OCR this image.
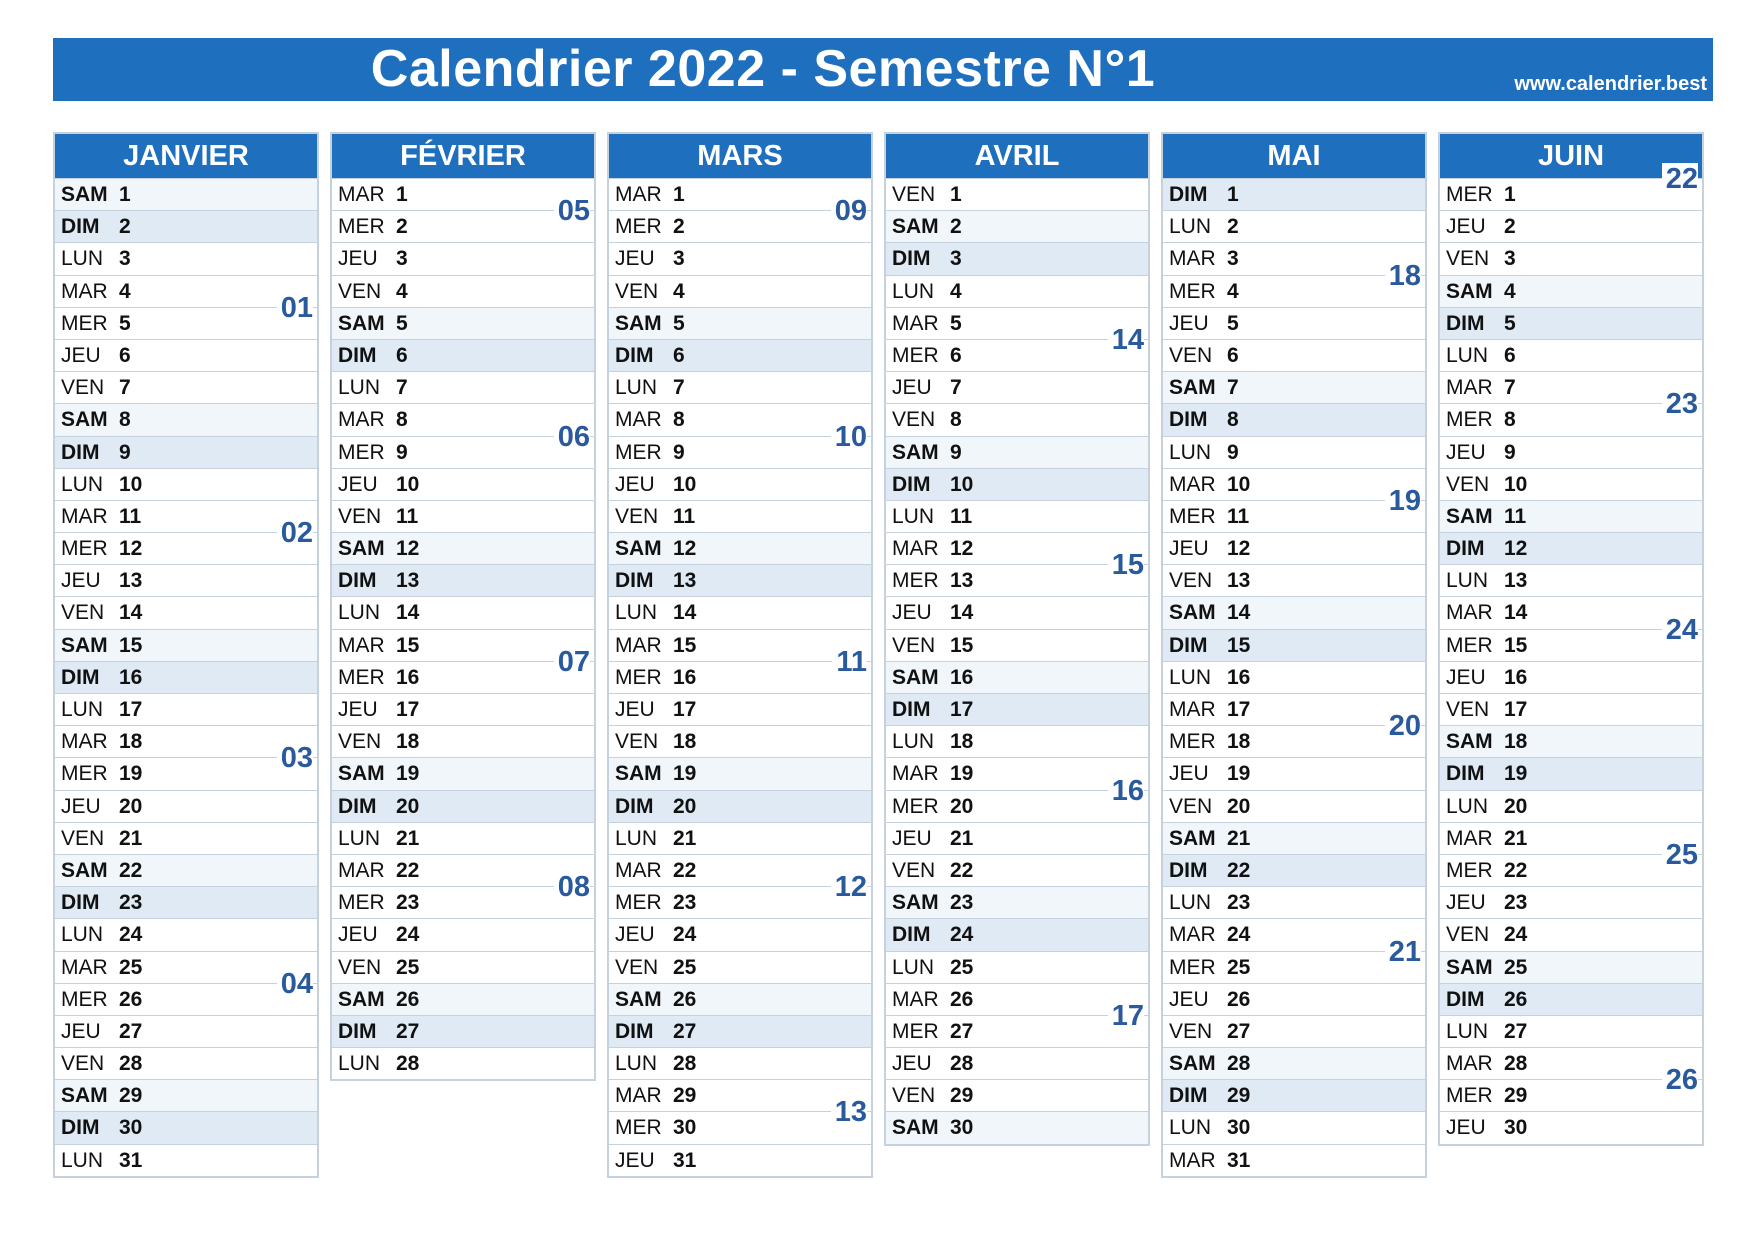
Calendrier 2022 - Semestre N°1	www.calendrier.best
JANVIER
SAM 1
DIM 2
LUN 3
MAR 4
MER 5	01
JEU 6
VEN 7
SAM 8
DIM 9
LUN 10
MAR 11
MER 12	02
JEU 13
VEN 14
SAM 15
DIM 16
LUN 17
MAR 18
MER 19	03
JEU 20
VEN 21
SAM 22
DIM 23
LUN 24
MAR 25
MER 26	04
JEU 27
VEN 28
SAM 29
DIM 30
LUN 31
FÉVRIER
MAR 1
MER 2	05
JEU 3
VEN 4
SAM 5
DIM 6
LUN 7
MAR 8
MER 9	06
JEU 10
VEN 11
SAM 12
DIM 13
LUN 14
MAR 15
MER 16	07
JEU 17
VEN 18
SAM 19
DIM 20
LUN 21
MAR 22
MER 23	08
JEU 24
VEN 25
SAM 26
DIM 27
LUN 28
MARS
MAR 1
MER 2	09
JEU 3
VEN 4
SAM 5
DIM 6
LUN 7
MAR 8
MER 9	10
JEU 10
VEN 11
SAM 12
DIM 13
LUN 14
MAR 15
MER 16	11
JEU 17
VEN 18
SAM 19
DIM 20
LUN 21
MAR 22
MER 23	12
JEU 24
VEN 25
SAM 26
DIM 27
LUN 28
MAR 29
MER 30	13
JEU 31
AVRIL
VEN 1
SAM 2
DIM 3
LUN 4
MAR 5
MER 6	14
JEU 7
VEN 8
SAM 9
DIM 10
LUN 11
MAR 12
MER 13	15
JEU 14
VEN 15
SAM 16
DIM 17
LUN 18
MAR 19
MER 20	16
JEU 21
VEN 22
SAM 23
DIM 24
LUN 25
MAR 26
MER 27	17
JEU 28
VEN 29
SAM 30
MAI
DIM 1
LUN 2
MAR 3
MER 4	18
JEU 5
VEN 6
SAM 7
DIM 8
LUN 9
MAR 10
MER 11	19
JEU 12
VEN 13
SAM 14
DIM 15
LUN 16
MAR 17
MER 18	20
JEU 19
VEN 20
SAM 21
DIM 22
LUN 23
MAR 24
MER 25	21
JEU 26
VEN 27
SAM 28
DIM 29
LUN 30
MAR 31
JUIN
MER 1	22
JEU 2
VEN 3
SAM 4
DIM 5
LUN 6
MAR 7
MER 8	23
JEU 9
VEN 10
SAM 11
DIM 12
LUN 13
MAR 14
MER 15	24
JEU 16
VEN 17
SAM 18
DIM 19
LUN 20
MAR 21
MER 22	25
JEU 23
VEN 24
SAM 25
DIM 26
LUN 27
MAR 28
MER 29	26
JEU 30
